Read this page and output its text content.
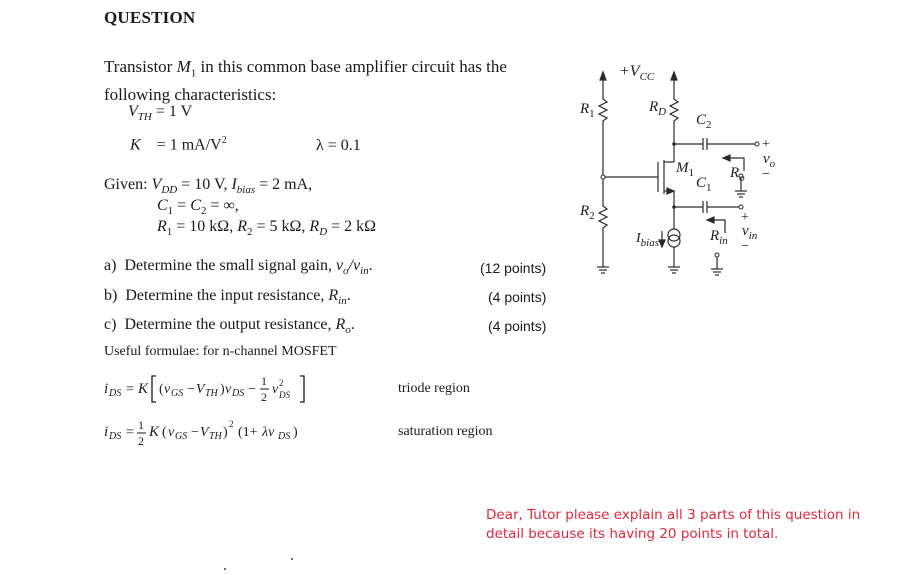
QUESTION
Transistor $M_1$ in this common base amplifier circuit has the
following characteristics:
$V_{TH} = 1$ V
K = 1 $mA/V^2$	λ = 0.1
Given: $V_{DD} = 10$ V, $I_{bias} = 2$ mA,
$C_1 = C_2$ = ∞,
$R_1 = 10$ kΩ, $R_2 = 5$ kΩ, $R_D = 2$ kΩ
a) Determine the small signal gain, $v_o/v_{in}$.	(12 points)
b) Determine the input resistance, $R_{in}$.	(4 points)
c) Determine the output resistance, $R_o$.	(4 points)
Useful formulae: for n-channel MOSFET
i DS = K ( v GS − V TH ) v DS −
1
2 v 2
DS	triode region
i DS = 1
2
K ( v GS − V TH )
2
(1+ λv DS )	saturation region
$+V_{CC}$
$R_1$
$R_2$
$R_D$ $C_2$
$C_1$
$M_1$ $R_o$
$R_{in}$
$I_{bias}$
+
$v_o$
−
+
$v_{in}$
−
Dear, Tutor please explain all 3 parts of this question in detail because its having 20 points in total.
